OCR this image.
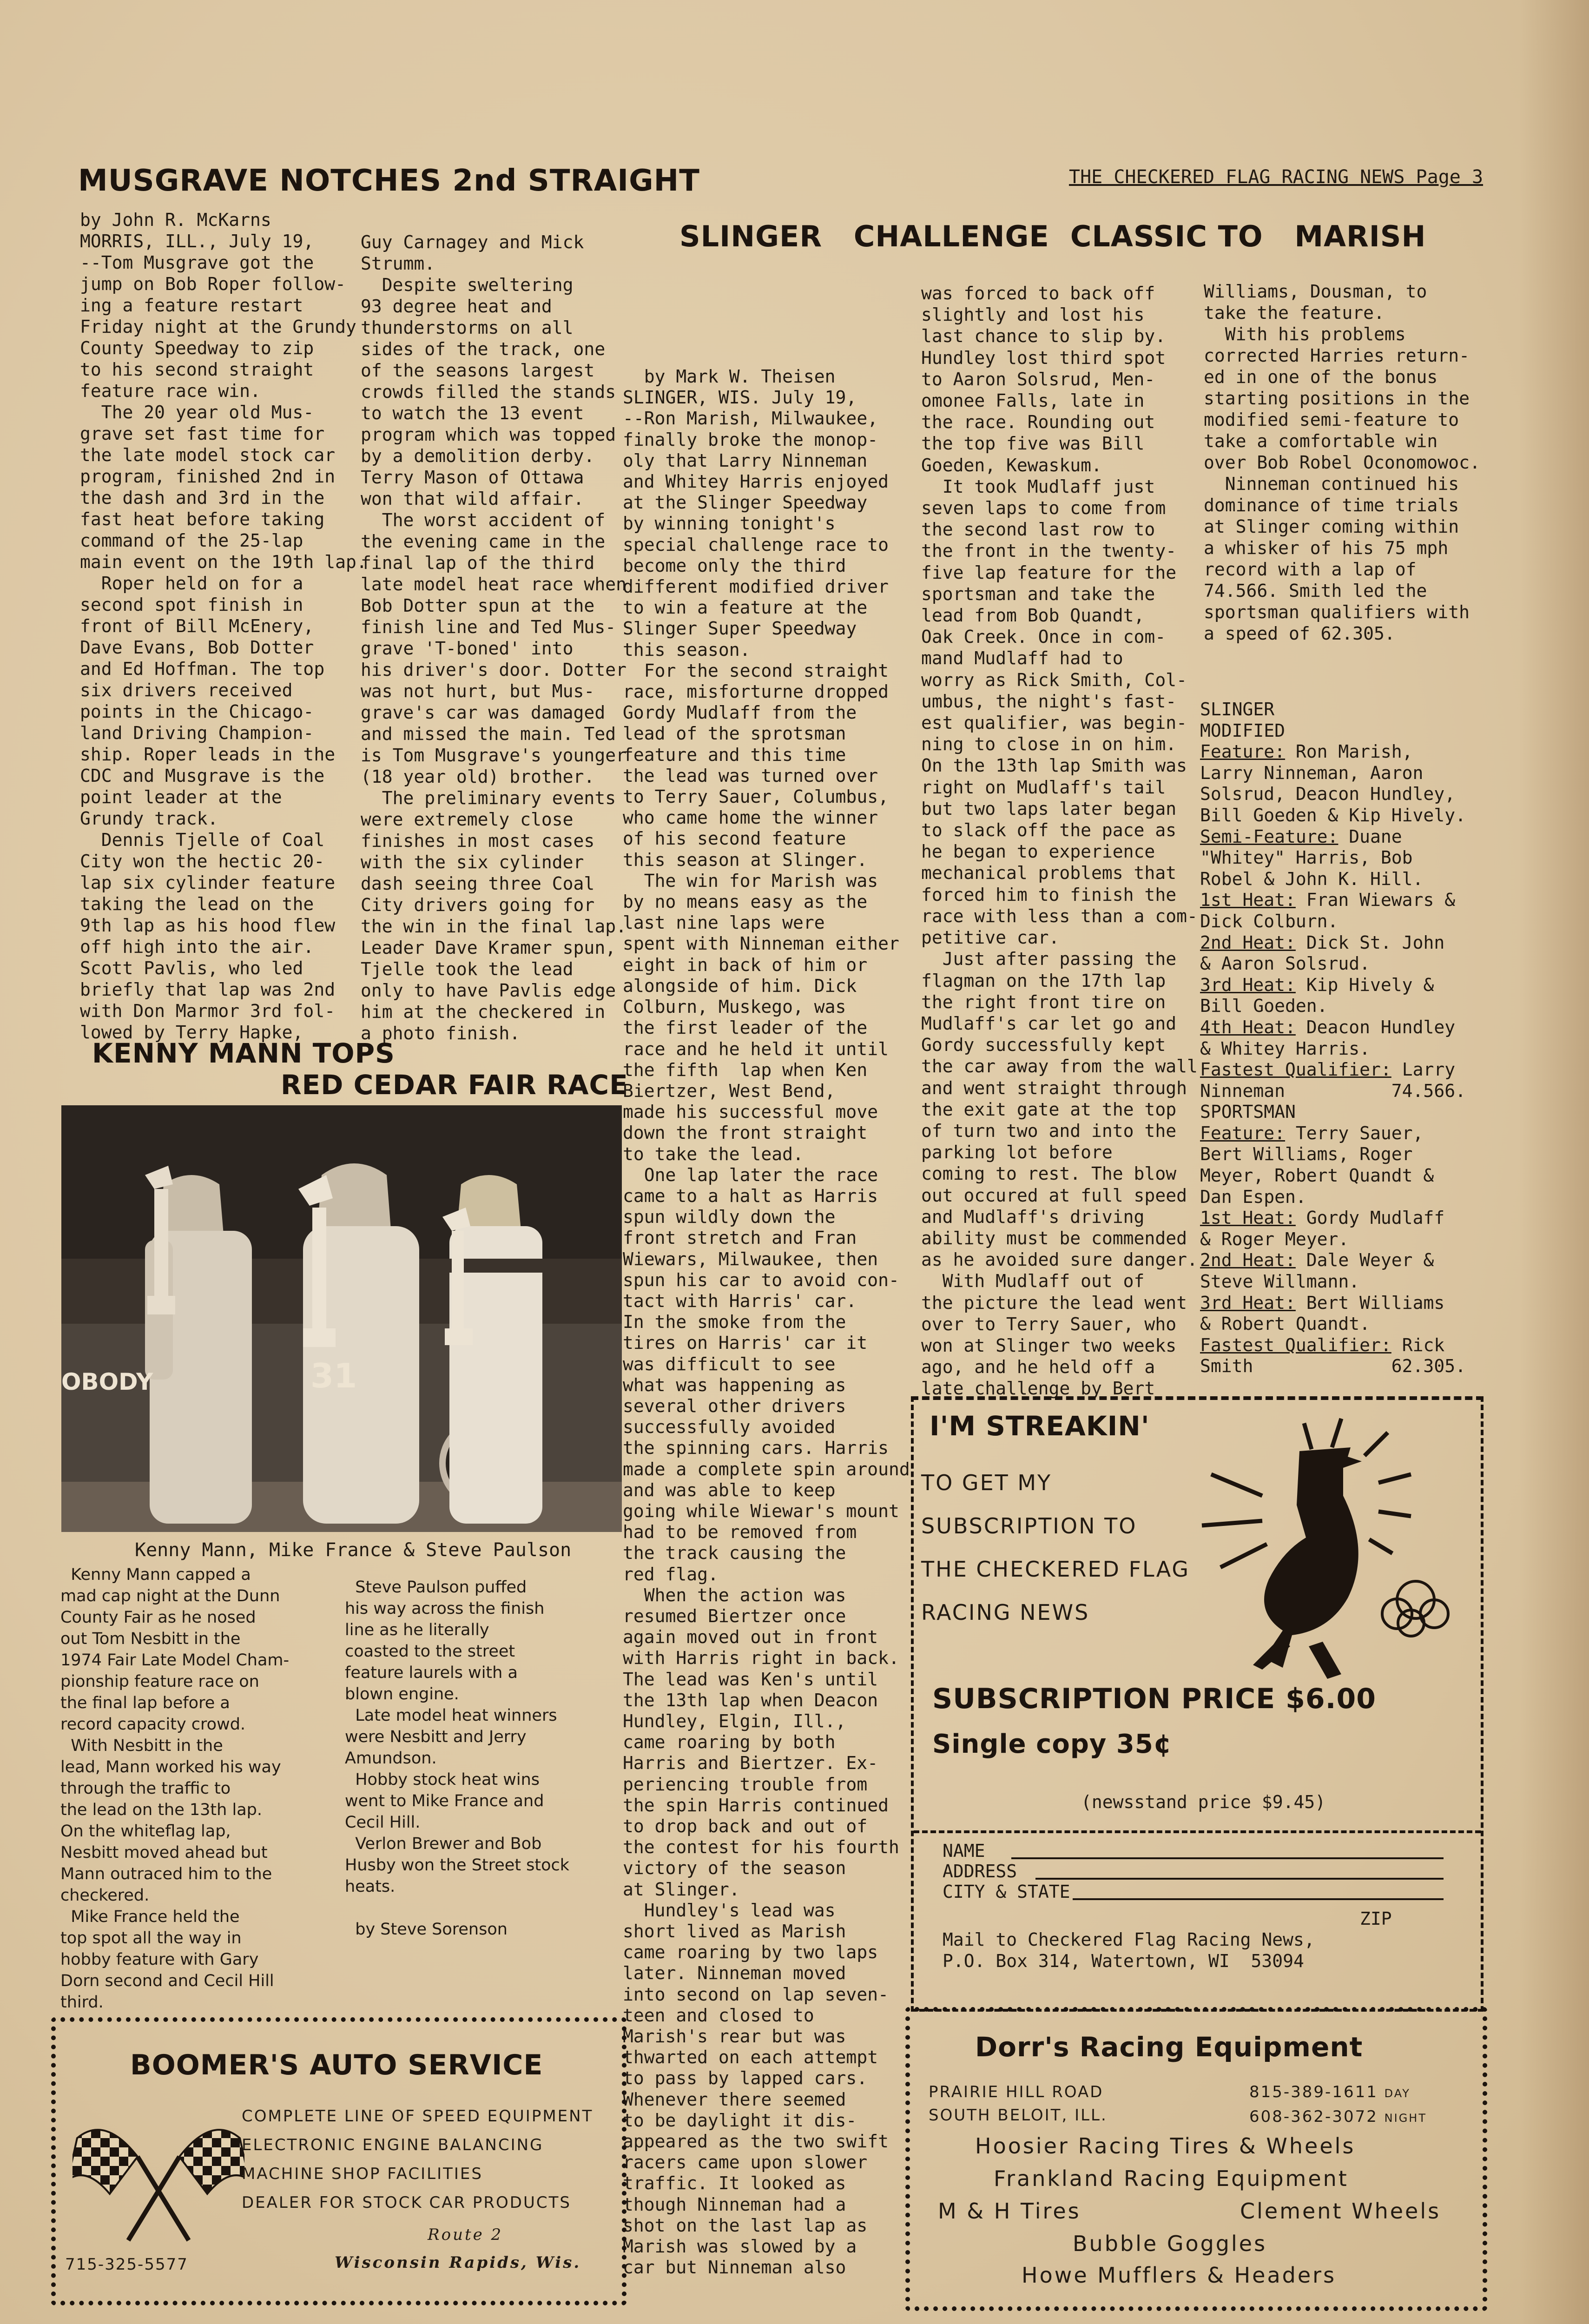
THE CHECKERED FLAG RACING NEWS Page 3
MUSGRAVE NOTCHES 2nd STRAIGHT
SLINGER   CHALLENGE  CLASSIC TO   MARISH
KENNY MANN TOPS
RED CEDAR FAIR RACE
by John R. McKarns
MORRIS, ILL., July 19,
--Tom Musgrave got the
jump on Bob Roper follow-
ing a feature restart
Friday night at the Grundy
County Speedway to zip
to his second straight
feature race win.
The 20 year old Mus-
grave set fast time for
the late model stock car
program, finished 2nd in
the dash and 3rd in the
fast heat before taking
command of the 25-lap
main event on the 19th lap.
Roper held on for a
second spot finish in
front of Bill McEnery,
Dave Evans, Bob Dotter
and Ed Hoffman. The top
six drivers received
points in the Chicago-
land Driving Champion-
ship. Roper leads in the
CDC and Musgrave is the
point leader at the
Grundy track.
Dennis Tjelle of Coal
City won the hectic 20-
lap six cylinder feature
taking the lead on the
9th lap as his hood flew
off high into the air.
Scott Pavlis, who led
briefly that lap was 2nd
with Don Marmor 3rd fol-
lowed by Terry Hapke,
Guy Carnagey and Mick
Strumm.
Despite sweltering
93 degree heat and
thunderstorms on all
sides of the track, one
of the seasons largest
crowds filled the stands
to watch the 13 event
program which was topped
by a demolition derby.
Terry Mason of Ottawa
won that wild affair.
The worst accident of
the evening came in the
final lap of the third
late model heat race when
Bob Dotter spun at the
finish line and Ted Mus-
grave 'T-boned' into
his driver's door. Dotter
was not hurt, but Mus-
grave's car was damaged
and missed the main. Ted
is Tom Musgrave's younger
(18 year old) brother.
The preliminary events
were extremely close
finishes in most cases
with the six cylinder
dash seeing three Coal
City drivers going for
the win in the final lap.
Leader Dave Kramer spun,
Tjelle took the lead
only to have Pavlis edge
him at the checkered in
a photo finish.
OBODY	31
Kenny Mann, Mike France & Steve Paulson
Kenny Mann capped a
mad cap night at the Dunn
County Fair as he nosed
out Tom Nesbitt in the
1974 Fair Late Model Cham-
pionship feature race on
the final lap before a
record capacity crowd.
With Nesbitt in the
lead, Mann worked his way
through the traffic to
the lead on the 13th lap.
On the whiteflag lap,
Nesbitt moved ahead but
Mann outraced him to the
checkered.
Mike France held the
top spot all the way in
hobby feature with Gary
Dorn second and Cecil Hill
third.
Steve Paulson puffed
his way across the finish
line as he literally
coasted to the street
feature laurels with a
blown engine.
Late model heat winners
were Nesbitt and Jerry
Amundson.
Hobby stock heat wins
went to Mike France and
Cecil Hill.
Verlon Brewer and Bob
Husby won the Street stock
heats.

by Steve Sorenson
by Mark W. Theisen
SLINGER, WIS. July 19,
--Ron Marish, Milwaukee,
finally broke the monop-
oly that Larry Ninneman
and Whitey Harris enjoyed
at the Slinger Speedway
by winning tonight's
special challenge race to
become only the third
different modified driver
to win a feature at the
Slinger Super Speedway
this season.
For the second straight
race, misforturne dropped
Gordy Mudlaff from the
lead of the sprotsman
feature and this time
the lead was turned over
to Terry Sauer, Columbus,
who came home the winner
of his second feature
this season at Slinger.
The win for Marish was
by no means easy as the
last nine laps were
spent with Ninneman either
eight in back of him or
alongside of him. Dick
Colburn, Muskego, was
the first leader of the
race and he held it until
the fifth  lap when Ken
Biertzer, West Bend,
made his successful move
down the front straight
to take the lead.
One lap later the race
came to a halt as Harris
spun wildly down the
front stretch and Fran
Wiewars, Milwaukee, then
spun his car to avoid con-
tact with Harris' car.
In the smoke from the
tires on Harris' car it
was difficult to see
what was happening as
several other drivers
successfully avoided
the spinning cars. Harris
made a complete spin around
and was able to keep
going while Wiewar's mount
had to be removed from
the track causing the
red flag.
When the action was
resumed Biertzer once
again moved out in front
with Harris right in back.
The lead was Ken's until
the 13th lap when Deacon
Hundley, Elgin, Ill.,
came roaring by both
Harris and Biertzer. Ex-
periencing trouble from
the spin Harris continued
to drop back and out of
the contest for his fourth
victory of the season
at Slinger.
Hundley's lead was
short lived as Marish
came roaring by two laps
later. Ninneman moved
into second on lap seven-
teen and closed to
Marish's rear but was
thwarted on each attempt
to pass by lapped cars.
Whenever there seemed
to be daylight it dis-
appeared as the two swift
racers came upon slower
traffic. It looked as
though Ninneman had a
shot on the last lap as
Marish was slowed by a
car but Ninneman also
was forced to back off
slightly and lost his
last chance to slip by.
Hundley lost third spot
to Aaron Solsrud, Men-
omonee Falls, late in
the race. Rounding out
the top five was Bill
Goeden, Kewaskum.
It took Mudlaff just
seven laps to come from
the second last row to
the front in the twenty-
five lap feature for the
sportsman and take the
lead from Bob Quandt,
Oak Creek. Once in com-
mand Mudlaff had to
worry as Rick Smith, Col-
umbus, the night's fast-
est qualifier, was begin-
ning to close in on him.
On the 13th lap Smith was
right on Mudlaff's tail
but two laps later began
to slack off the pace as
he began to experience
mechanical problems that
forced him to finish the
race with less than a com-
petitive car.
Just after passing the
flagman on the 17th lap
the right front tire on
Mudlaff's car let go and
Gordy successfully kept
the car away from the wall
and went straight through
the exit gate at the top
of turn two and into the
parking lot before
coming to rest. The blow
out occured at full speed
and Mudlaff's driving
ability must be commended
as he avoided sure danger.
With Mudlaff out of
the picture the lead went
over to Terry Sauer, who
won at Slinger two weeks
ago, and he held off a
late challenge by Bert
Williams, Dousman, to
take the feature.
With his problems
corrected Harries return-
ed in one of the bonus
starting positions in the
modified semi-feature to
take a comfortable win
over Bob Robel Oconomowoc.
Ninneman continued his
dominance of time trials
at Slinger coming within
a whisker of his 75 mph
record with a lap of
74.566. Smith led the
sportsman qualifiers with
a speed of 62.305.
SLINGER
MODIFIED
Feature: Ron Marish,
Larry Ninneman, Aaron
Solsrud, Deacon Hundley,
Bill Goeden & Kip Hively.
Semi-Feature: Duane
"Whitey" Harris, Bob
Robel & John K. Hill.
1st Heat: Fran Wiewars &
Dick Colburn.
2nd Heat: Dick St. John
& Aaron Solsrud.
3rd Heat: Kip Hively &
Bill Goeden.
4th Heat: Deacon Hundley
& Whitey Harris.
Fastest Qualifier: Larry
Ninneman          74.566.
SPORTSMAN
Feature: Terry Sauer,
Bert Williams, Roger
Meyer, Robert Quandt &
Dan Espen.
1st Heat: Gordy Mudlaff
& Roger Meyer.
2nd Heat: Dale Weyer &
Steve Willmann.
3rd Heat: Bert Williams
& Robert Quandt.
Fastest Qualifier: Rick
Smith             62.305.
I'M STREAKIN'
TO GET MY
SUBSCRIPTION TO
THE CHECKERED FLAG
RACING NEWS
SUBSCRIPTION PRICE $6.00
Single copy 35¢
(newsstand price $9.45)
NAME
ADDRESS
CITY & STATE
ZIP
Mail to Checkered Flag Racing News,
P.O. Box 314, Watertown, WI  53094
BOOMER'S AUTO SERVICE
COMPLETE LINE OF SPEED EQUIPMENT
ELECTRONIC ENGINE BALANCING
MACHINE SHOP FACILITIES
DEALER FOR STOCK CAR PRODUCTS
Route 2
715-325-5577	Wisconsin Rapids, Wis.
Dorr's Racing Equipment
PRAIRIE HILL ROAD
SOUTH BELOIT, ILL.
815-389-1611 DAY
608-362-3072 NIGHT
Hoosier Racing Tires & Wheels
Frankland Racing Equipment
M & H Tires	Clement Wheels
Bubble Goggles
Howe Mufflers & Headers
